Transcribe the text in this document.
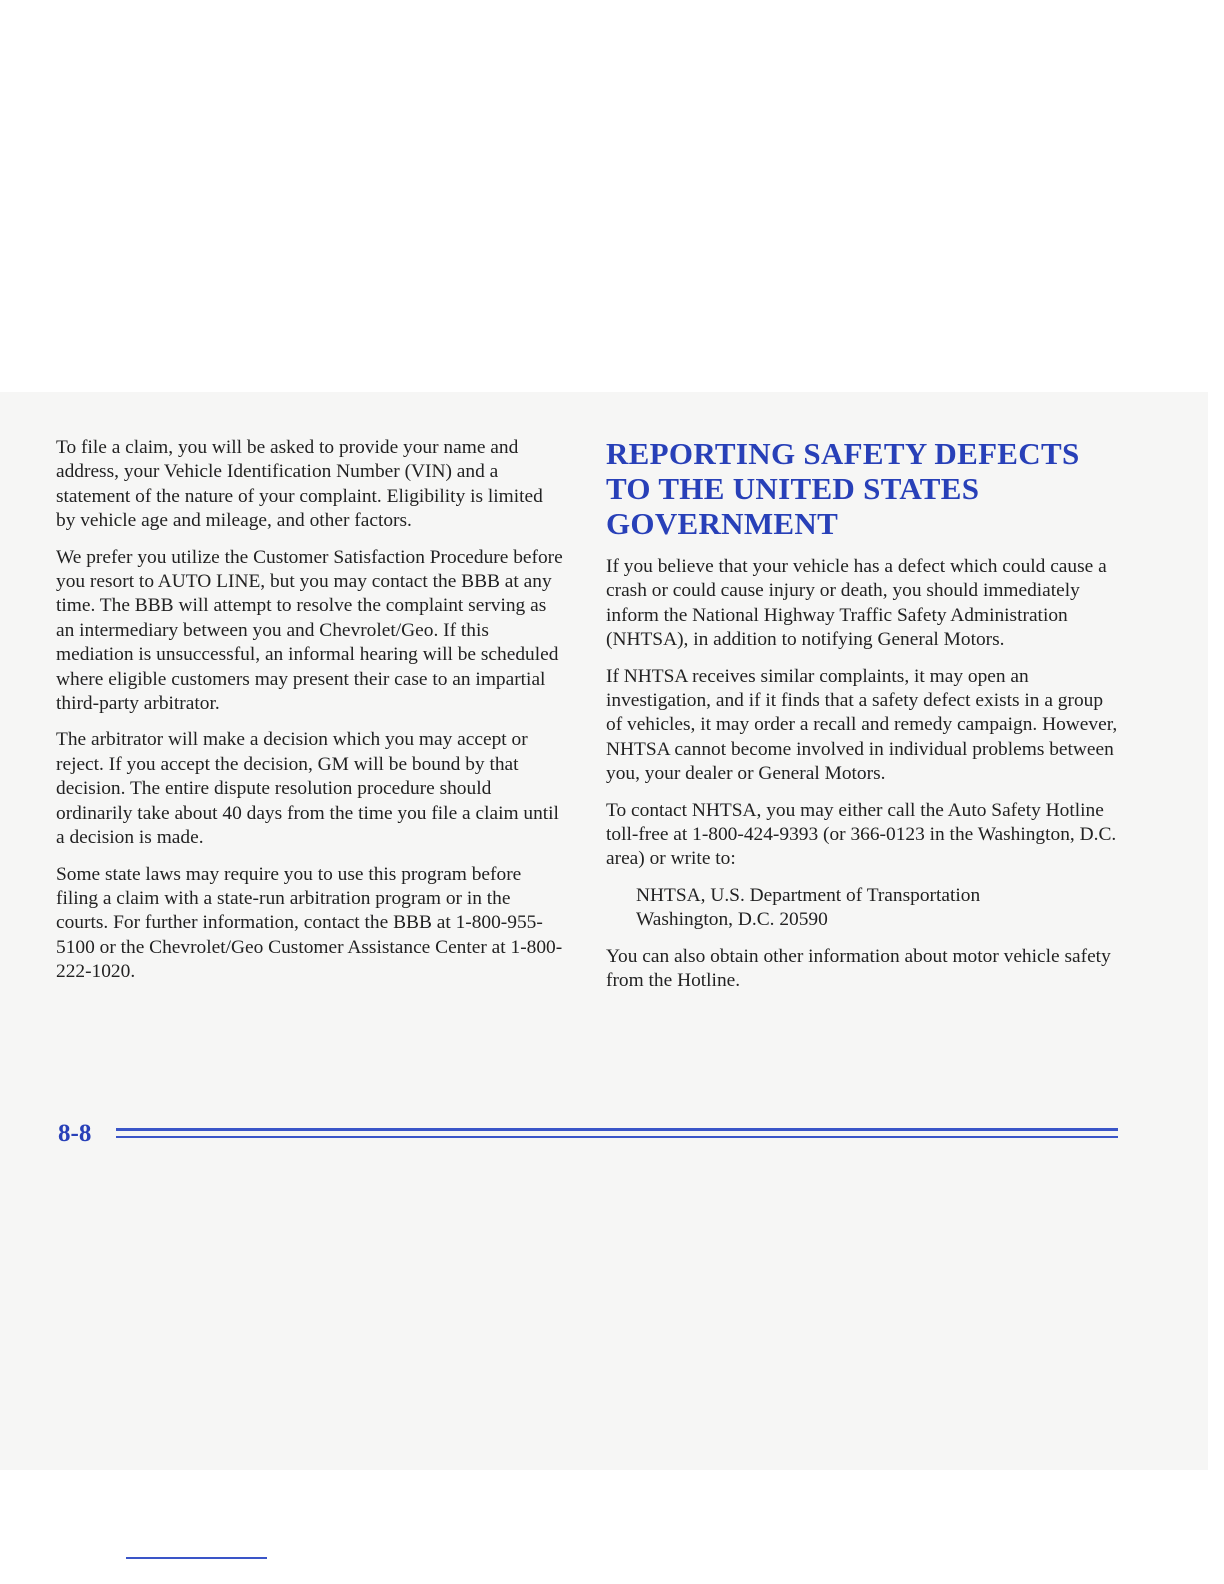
To file a claim, you will be asked to provide your name and address, your Vehicle Identification Number (VIN) and a statement of the nature of your complaint. Eligibility is limited by vehicle age and mileage, and other factors.

We prefer you utilize the Customer Satisfaction Procedure before you resort to AUTO LINE, but you may contact the BBB at any time. The BBB will attempt to resolve the complaint serving as an intermediary between you and Chevrolet/Geo. If this mediation is unsuccessful, an informal hearing will be scheduled where eligible customers may present their case to an impartial third-party arbitrator.

The arbitrator will make a decision which you may accept or reject. If you accept the decision, GM will be bound by that decision. The entire dispute resolution procedure should ordinarily take about 40 days from the time you file a claim until a decision is made.

Some state laws may require you to use this program before filing a claim with a state-run arbitration program or in the courts. For further information, contact the BBB at 1-800-955-5100 or the Chevrolet/Geo Customer Assistance Center at 1-800-222-1020.

REPORTING SAFETY DEFECTS TO THE UNITED STATES GOVERNMENT

If you believe that your vehicle has a defect which could cause a crash or could cause injury or death, you should immediately inform the National Highway Traffic Safety Administration (NHTSA), in addition to notifying General Motors.

If NHTSA receives similar complaints, it may open an investigation, and if it finds that a safety defect exists in a group of vehicles, it may order a recall and remedy campaign. However, NHTSA cannot become involved in individual problems between you, your dealer or General Motors.

To contact NHTSA, you may either call the Auto Safety Hotline toll-free at 1-800-424-9393 (or 366-0123 in the Washington, D.C. area) or write to:

NHTSA, U.S. Department of Transportation
Washington, D.C. 20590

You can also obtain other information about motor vehicle safety from the Hotline.

8-8
